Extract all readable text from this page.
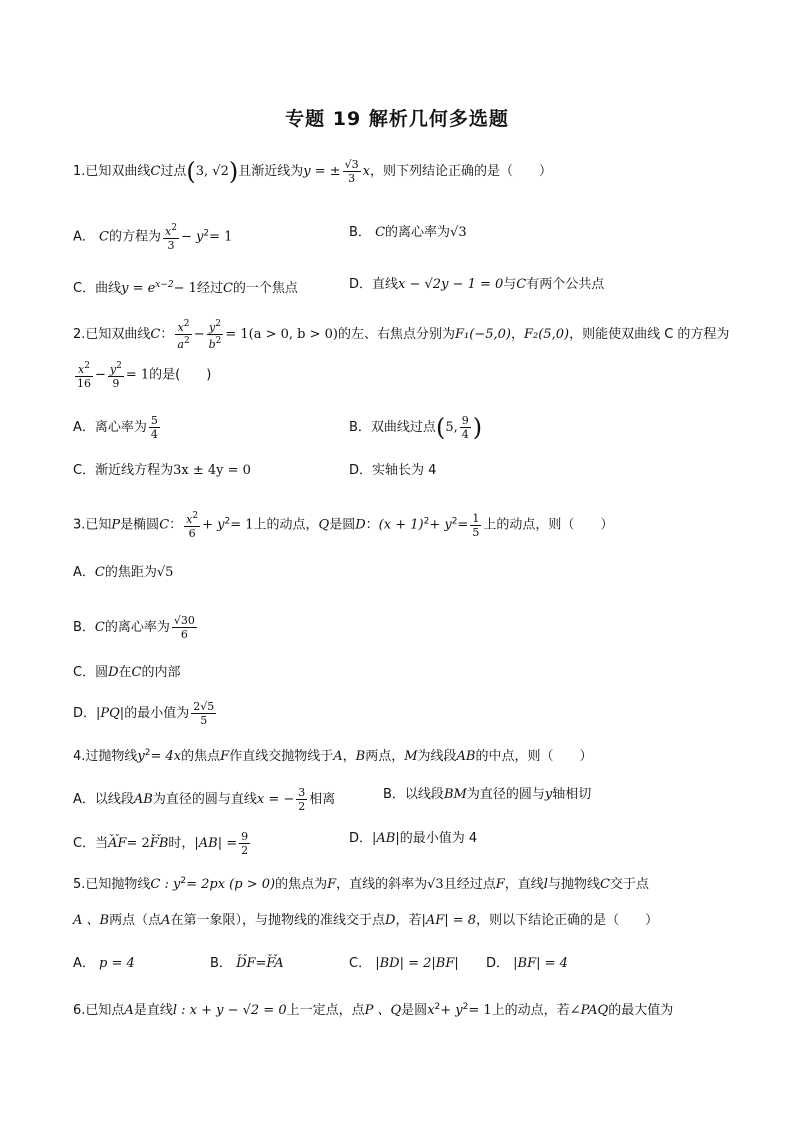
专题 19 解析几何多选题
1.已知双曲线C过点(3, √2)且渐近线为y = ± $\frac{√3}{3}$ x，则下列结论正确的是（　　）
A． C的方程为 $\frac{x^2}{3} - y^2= 1$	B． C的离心率为√3
C．曲线$y = e^{x-2}- 1$经过C的一个焦点	D．直线x − √2y − 1 = 0与C有两个公共点
2.已知双曲线C： $\frac{x^2}{a^2} - \frac{y^2}{b^2} = 1(a > 0$, b > 0)的左、右焦点分别为F₁(−5,0)，F₂(5,0)，则能使双曲线 C 的方程为
$\frac{x^2}{16} - \frac{y^2}{9} = 1$的是(　　)
A．离心率为 $\frac{5}{4}$	B．双曲线过点(5, $\frac{9}{4}$ )
C．渐近线方程为3x ± 4y = 0	D．实轴长为 4
3.已知P是椭圆C： $\frac{x^2}{6} + y^2= 1$上的动点，Q是圆D：$(x + 1)^2+ y^2= \frac{1}{5}$ 上的动点，则（　　）
A．C的焦距为√5
B．C的离心率为 $\frac{√30}{6}$
C．圆D在C的内部
D．|PQ|的最小值为 $\frac{2√5}{5}$
4.过抛物线$y^2= 4x$的焦点F作直线交抛物线于A，B两点，M为线段AB的中点，则（　　）
A．以线段AB为直径的圆与直线x = − $\frac{3}{2}$ 相离	B．以线段BM为直径的圆与y轴相切
C．当⌄⌄ AF= 2⌄⌄ FB时，$|AB| = \frac{9}{2}$	D．|AB|的最小值为 4
5.已知抛物线C : $y^2= 2px$ (p > 0)的焦点为F，直线的斜率为√3且经过点F，直线l与抛物线C交于点
A 、B两点（点A在第一象限），与抛物线的准线交于点D，若|AF| = 8，则以下结论正确的是（　　）
A． p = 4	B． ⌄⌄ DF=⌄⌄ FA	C． |BD| = 2|BF| D． |BF| = 4
6.已知点A是直线l : x + y − √2 = 0上一定点，点P 、Q是圆$x^2+ y^2= 1$上的动点，若∠PAQ的最大值为
